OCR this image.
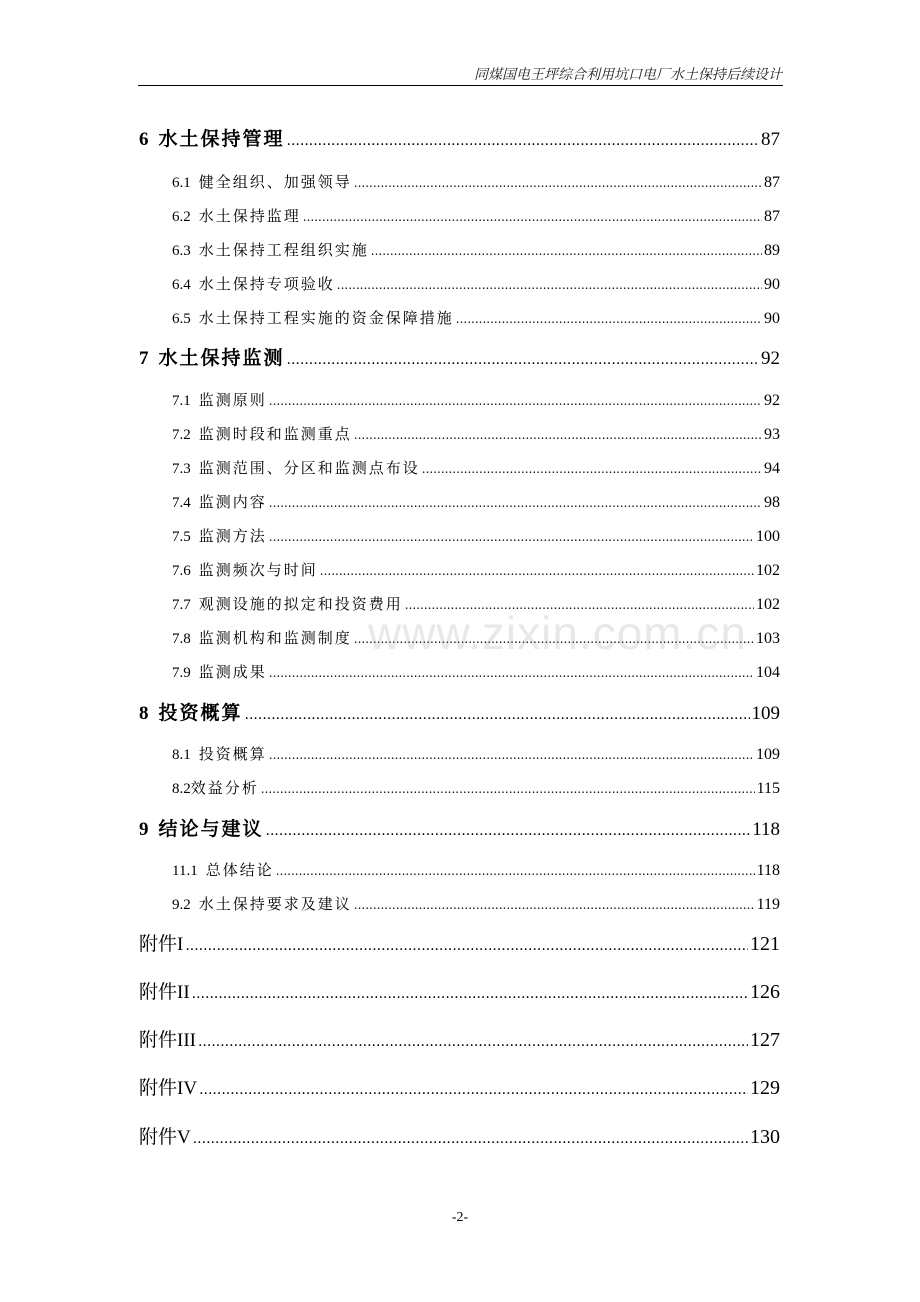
同煤国电王坪综合利用坑口电厂水土保持后续设计
6 水土保持管理 .....	87
6.1 健全组织、加强领导 .....	87
6.2 水土保持监理 .....	87
6.3 水土保持工程组织实施 .....	89
6.4 水土保持专项验收 .....	90
6.5 水土保持工程实施的资金保障措施 .....	90
7 水土保持监测 .....	92
7.1 监测原则 .....	92
7.2 监测时段和监测重点 .....	93
7.3 监测范围、分区和监测点布设 .....	94
7.4 监测内容 .....	98
7.5 监测方法 .....	100
7.6 监测频次与时间 .....	102
7.7 观测设施的拟定和投资费用 .....	102
7.8 监测机构和监测制度 .....	103
7.9 监测成果 .....	104
8 投资概算 .....	109
8.1 投资概算 .....	109
8.2 效益分析 .....	115
9 结论与建议 .....	118
11.1 总体结论 .....	118
9.2 水土保持要求及建议 .....	119
附件I .....	121
附件II .....	126
附件III .....	127
附件IV .....	129
附件V .....	130
www.zixin.com.cn
-2-
